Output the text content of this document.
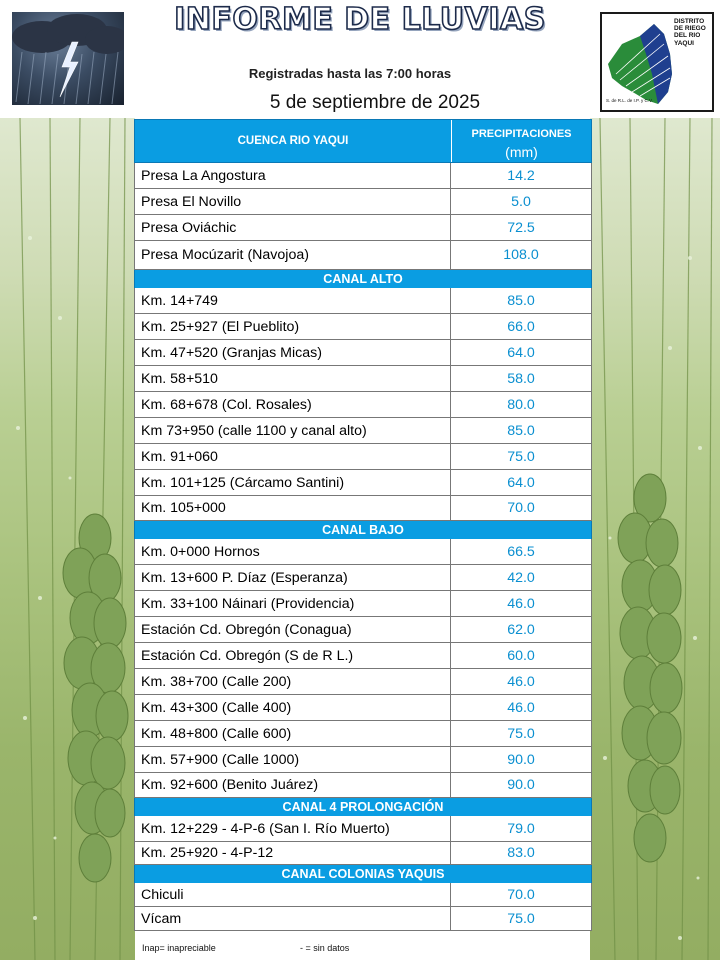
INFORME DE LLUVIAS
Registradas hasta las 7:00 horas
5 de septiembre de 2025
DISTRITO
DE RIEGO
DEL RIO
YAQUI
S. de R.L. de I.P. y C.V.
CUENCA RIO YAQUI
PRECIPITACIONES
(mm)
Presa La Angostura	14.2
Presa El Novillo	5.0
Presa Oviáchic	72.5
Presa Mocúzarit (Navojoa)	108.0
CANAL ALTO
Km. 14+749	85.0
Km. 25+927 (El Pueblito)	66.0
Km. 47+520 (Granjas Micas)	64.0
Km. 58+510	58.0
Km. 68+678 (Col. Rosales)	80.0
Km 73+950 (calle 1100 y canal alto)	85.0
Km. 91+060	75.0
Km. 101+125 (Cárcamo Santini)	64.0
Km. 105+000	70.0
CANAL BAJO
Km. 0+000 Hornos	66.5
Km. 13+600 P. Díaz (Esperanza)	42.0
Km. 33+100 Náinari (Providencia)	46.0
Estación Cd. Obregón (Conagua)	62.0
Estación Cd. Obregón (S de R L.)	60.0
Km. 38+700 (Calle 200)	46.0
Km. 43+300 (Calle 400)	46.0
Km. 48+800 (Calle 600)	75.0
Km. 57+900 (Calle 1000)	90.0
Km. 92+600 (Benito Juárez)	90.0
CANAL 4 PROLONGACIÓN
Km. 12+229 - 4-P-6 (San I. Río Muerto)	79.0
Km. 25+920 - 4-P-12	83.0
CANAL COLONIAS YAQUIS
Chiculi	70.0
Vícam	75.0
Inap= inapreciable	- = sin datos
